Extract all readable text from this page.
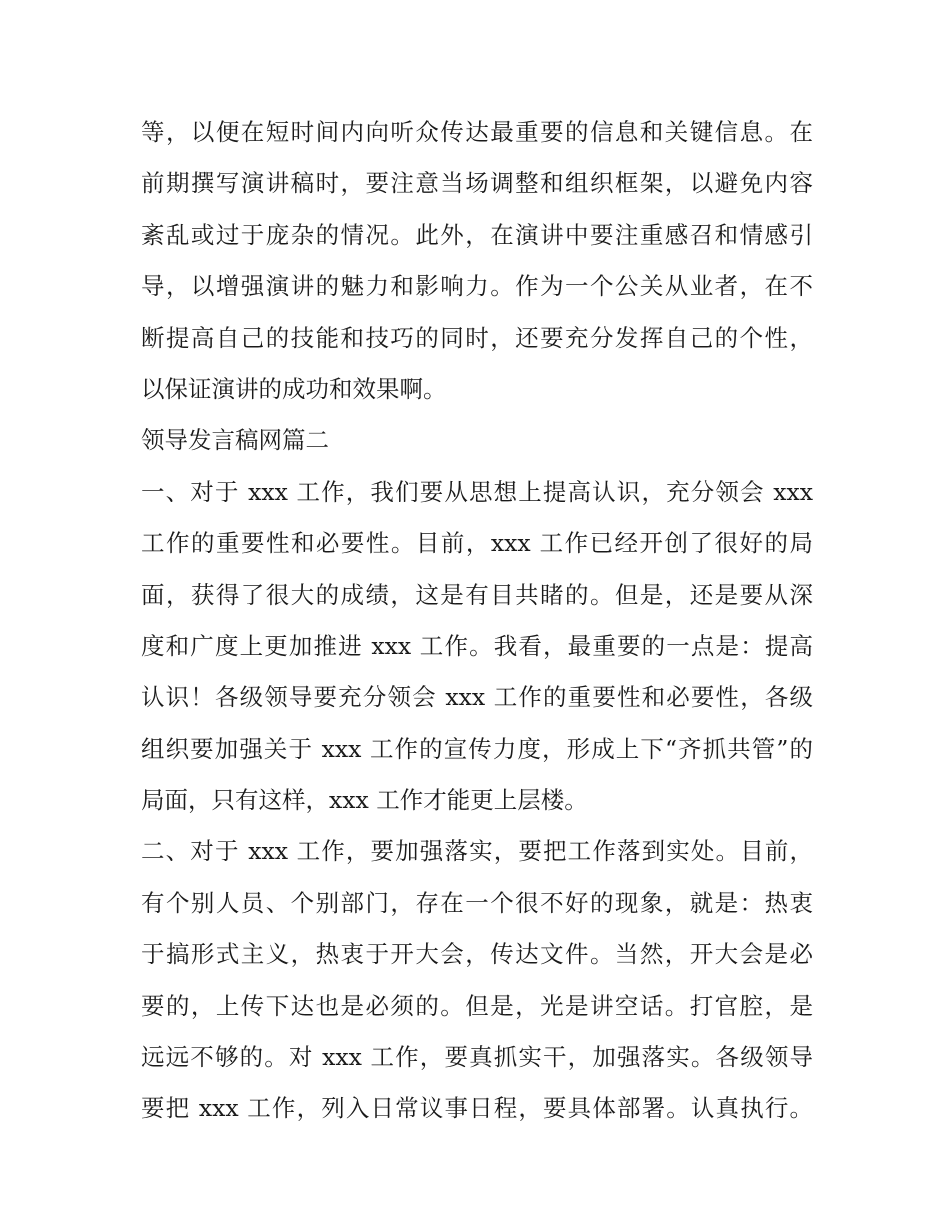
等，以便在短时间内向听众传达最重要的信息和关键信息。在
前期撰写演讲稿时，要注意当场调整和组织框架，以避免内容
紊乱或过于庞杂的情况。此外，在演讲中要注重感召和情感引
导，以增强演讲的魅力和影响力。作为一个公关从业者，在不
断提高自己的技能和技巧的同时，还要充分发挥自己的个性，
以保证演讲的成功和效果啊。
领导发言稿网篇二
一、对于 xxx 工作，我们要从思想上提高认识，充分领会 xxx
工作的重要性和必要性。目前，xxx 工作已经开创了很好的局
面，获得了很大的成绩，这是有目共睹的。但是，还是要从深
度和广度上更加推进 xxx 工作。我看，最重要的一点是：提高
认识！各级领导要充分领会 xxx 工作的重要性和必要性，各级
组织要加强关于 xxx 工作的宣传力度，形成上下“齐抓共管”的
局面，只有这样，xxx 工作才能更上层楼。
二、对于 xxx 工作，要加强落实，要把工作落到实处。目前，
有个别人员、个别部门，存在一个很不好的现象，就是：热衷
于搞形式主义，热衷于开大会，传达文件。当然，开大会是必
要的，上传下达也是必须的。但是，光是讲空话。打官腔，是
远远不够的。对 xxx 工作，要真抓实干，加强落实。各级领导
要把 xxx 工作，列入日常议事日程，要具体部署。认真执行。
